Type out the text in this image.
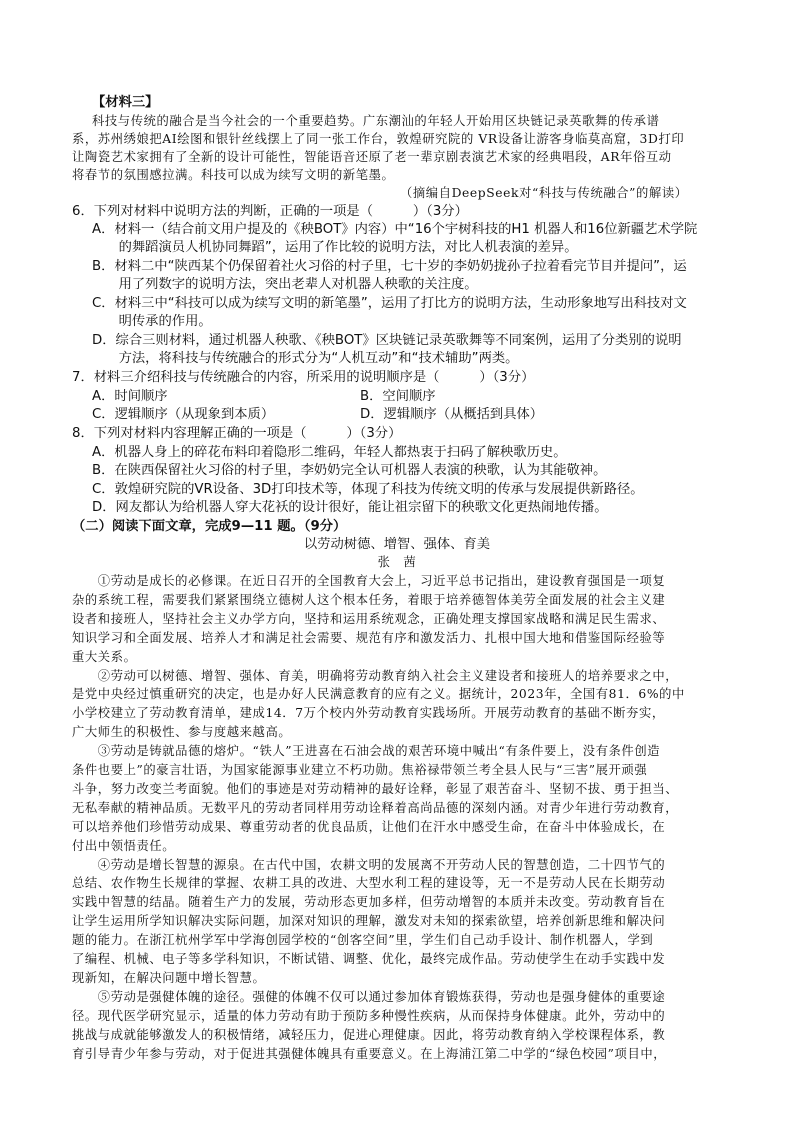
【材料三】
科技与传统的融合是当今社会的一个重要趋势。广东潮汕的年轻人开始用区块链记录英歌舞的传承谱
系，苏州绣娘把AI绘图和银针丝线摆上了同一张工作台，敦煌研究院的 VR设备让游客身临莫高窟，3D打印
让陶瓷艺术家拥有了全新的设计可能性，智能语音还原了老一辈京剧表演艺术家的经典唱段，AR年俗互动
将春节的氛围感拉满。科技可以成为续写文明的新笔墨。
（摘编自DeepSeek对“科技与传统融合”的解读）
6．下列对材料中说明方法的判断，正确的一项是（　　　）（3分）
A．材料一（结合前文用户提及的《秧BOT》内容）中“16个宇树科技的H1 机器人和16位新疆艺术学院
　　的舞蹈演员人机协同舞蹈”，运用了作比较的说明方法，对比人机表演的差异。
B．材料二中“陕西某个仍保留着社火习俗的村子里，七十岁的李奶奶拢孙子拉着看完节目并提问”，运
　　用了列数字的说明方法，突出老辈人对机器人秧歌的关注度。
C．材料三中“科技可以成为续写文明的新笔墨”，运用了打比方的说明方法，生动形象地写出科技对文
　　明传承的作用。
D．综合三则材料，通过机器人秧歌、《秧BOT》区块链记录英歌舞等不同案例，运用了分类别的说明
　　方法，将科技与传统融合的形式分为“人机互动”和“技术辅助”两类。
7．材料三介绍科技与传统融合的内容，所采用的说明顺序是（　　　）（3分）
A．时间顺序	B．空间顺序
C．逻辑顺序（从现象到本质）	D．逻辑顺序（从概括到具体）
8．下列对材料内容理解正确的一项是（　　　）（3分）
A．机器人身上的碎花布料印着隐形二维码，年轻人都热衷于扫码了解秧歌历史。
B．在陕西保留社火习俗的村子里，李奶奶完全认可机器人表演的秧歌，认为其能敬神。
C．敦煌研究院的VR设备、3D打印技术等，体现了科技为传统文明的传承与发展提供新路径。
D．网友都认为给机器人穿大花袄的设计很好，能让祖宗留下的秧歌文化更热闹地传播。
（二）阅读下面文章，完成9—11 题。（9分）
以劳动树德、增智、强体、育美
张　茜
　　①劳动是成长的必修课。在近日召开的全国教育大会上，习近平总书记指出，建设教育强国是一项复
杂的系统工程，需要我们紧紧围绕立德树人这个根本任务，着眼于培养德智体美劳全面发展的社会主义建
设者和接班人，坚持社会主义办学方向，坚持和运用系统观念，正确处理支撑国家战略和满足民生需求、
知识学习和全面发展、培养人才和满足社会需要、规范有序和激发活力、扎根中国大地和借鉴国际经验等
重大关系。
　　②劳动可以树德、增智、强体、育美，明确将劳动教育纳入社会主义建设者和接班人的培养要求之中，
是党中央经过慎重研究的决定，也是办好人民满意教育的应有之义。据统计，2023年，全国有81．6%的中
小学校建立了劳动教育清单，建成14．7万个校内外劳动教育实践场所。开展劳动教育的基础不断夯实，
广大师生的积极性、参与度越来越高。
　　③劳动是铸就品德的熔炉。“铁人”王进喜在石油会战的艰苦环境中喊出“有条件要上，没有条件创造
条件也要上”的豪言壮语，为国家能源事业建立不朽功勋。焦裕禄带领兰考全县人民与“三害”展开顽强
斗争，努力改变兰考面貌。他们的事迹是对劳动精神的最好诠释，彰显了艰苦奋斗、坚韧不拔、勇于担当、
无私奉献的精神品质。无数平凡的劳动者同样用劳动诠释着高尚品德的深刻内涵。对青少年进行劳动教育，
可以培养他们珍惜劳动成果、尊重劳动者的优良品质，让他们在汗水中感受生命，在奋斗中体验成长，在
付出中领悟责任。
　　④劳动是增长智慧的源泉。在古代中国，农耕文明的发展离不开劳动人民的智慧创造，二十四节气的
总结、农作物生长规律的掌握、农耕工具的改进、大型水利工程的建设等，无一不是劳动人民在长期劳动
实践中智慧的结晶。随着生产力的发展，劳动形态更加多样，但劳动增智的本质并未改变。劳动教育旨在
让学生运用所学知识解决实际问题，加深对知识的理解，激发对未知的探索欲望，培养创新思维和解决问
题的能力。在浙江杭州学军中学海创园学校的“创客空间”里，学生们自己动手设计、制作机器人，学到
了编程、机械、电子等多学科知识，不断试错、调整、优化，最终完成作品。劳动使学生在动手实践中发
现新知，在解决问题中增长智慧。
　　⑤劳动是强健体魄的途径。强健的体魄不仅可以通过参加体育锻炼获得，劳动也是强身健体的重要途
径。现代医学研究显示，适量的体力劳动有助于预防多种慢性疾病，从而保持身体健康。此外，劳动中的
挑战与成就能够激发人的积极情绪，减轻压力，促进心理健康。因此，将劳动教育纳入学校课程体系，教
育引导青少年参与劳动，对于促进其强健体魄具有重要意义。在上海浦江第二中学的“绿色校园”项目中，
